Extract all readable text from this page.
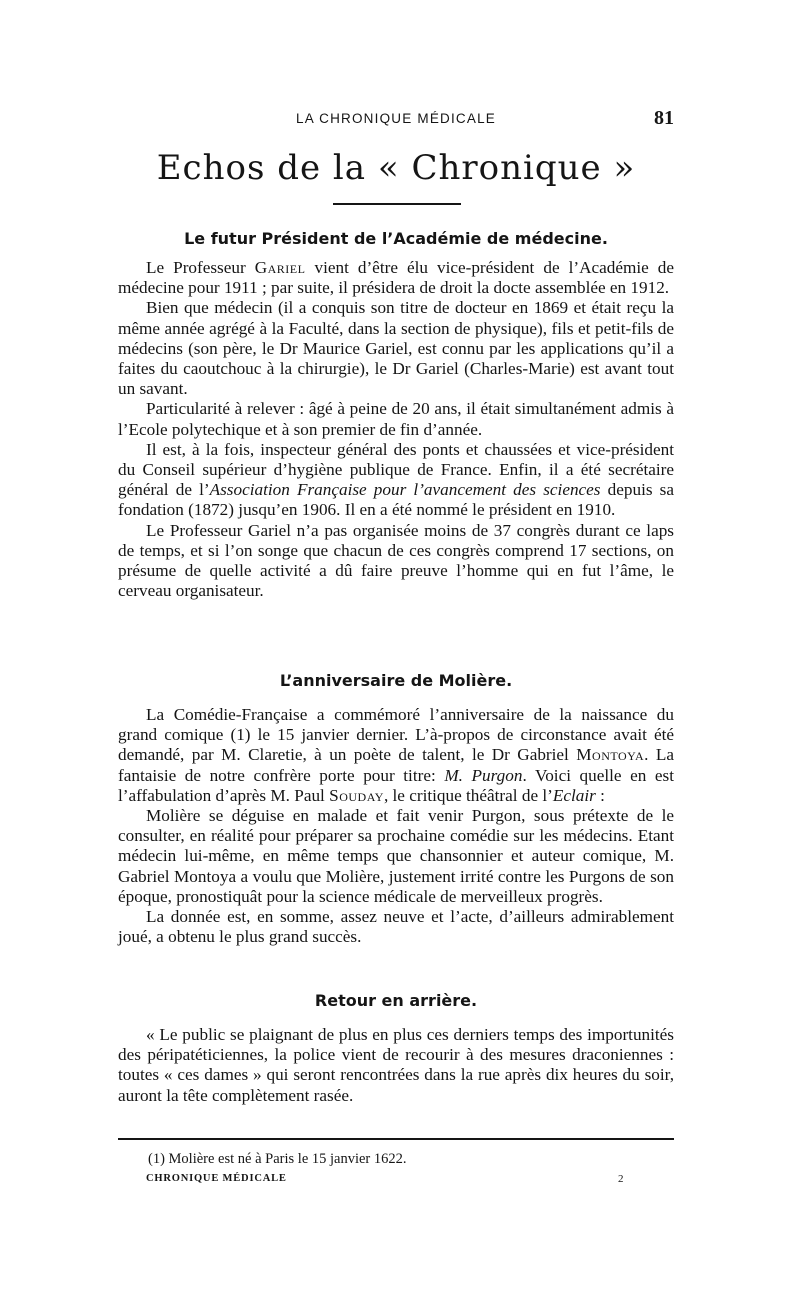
LA CHRONIQUE MÉDICALE	81
Echos de la « Chronique »
Le futur Président de l’Académie de médecine.

Le Professeur Gariel vient d’être élu vice-président de l’Académie de médecine pour 1911 ; par suite, il présidera de droit la docte assemblée en 1912.

Bien que médecin (il a conquis son titre de docteur en 1869 et était reçu la même année agrégé à la Faculté, dans la section de physique), fils et petit-fils de médecins (son père, le Dr Maurice Gariel, est connu par les applications qu’il a faites du caoutchouc à la chirurgie), le Dr Gariel (Charles-Marie) est avant tout un savant.

Particularité à relever : âgé à peine de 20 ans, il était simultanément admis à l’Ecole polytechique et à son premier de fin d’année.

Il est, à la fois, inspecteur général des ponts et chaussées et vice-président du Conseil supérieur d’hygiène publique de France. Enfin, il a été secrétaire général de l’Association Française pour l’avancement des sciences depuis sa fondation (1872) jusqu’en 1906. Il en a été nommé le président en 1910.

Le Professeur Gariel n’a pas organisée moins de 37 congrès durant ce laps de temps, et si l’on songe que chacun de ces congrès comprend 17 sections, on présume de quelle activité a dû faire preuve l’homme qui en fut l’âme, le cerveau organisateur.

L’anniversaire de Molière.

La Comédie-Française a commémoré l’anniversaire de la naissance du grand comique (1) le 15 janvier dernier. L’à-propos de circonstance avait été demandé, par M. Claretie, à un poète de talent, le Dr Gabriel Montoya. La fantaisie de notre confrère porte pour titre: M. Purgon. Voici quelle en est l’affabulation d’après M. Paul Souday, le critique théâtral de l’Eclair :

Molière se déguise en malade et fait venir Purgon, sous prétexte de le consulter, en réalité pour préparer sa prochaine comédie sur les médecins. Etant médecin lui-même, en même temps que chansonnier et auteur comique, M. Gabriel Montoya a voulu que Molière, justement irrité contre les Purgons de son époque, pronostiquât pour la science médicale de merveilleux progrès.

La donnée est, en somme, assez neuve et l’acte, d’ailleurs admirablement joué, a obtenu le plus grand succès.

Retour en arrière.

« Le public se plaignant de plus en plus ces derniers temps des importunités des péripatéticiennes, la police vient de recourir à des mesures draconiennes : toutes « ces dames » qui seront rencontrées dans la rue après dix heures du soir, auront la tête complètement rasée.

(1) Molière est né à Paris le 15 janvier 1622.
CHRONIQUE MÉDICALE	2
